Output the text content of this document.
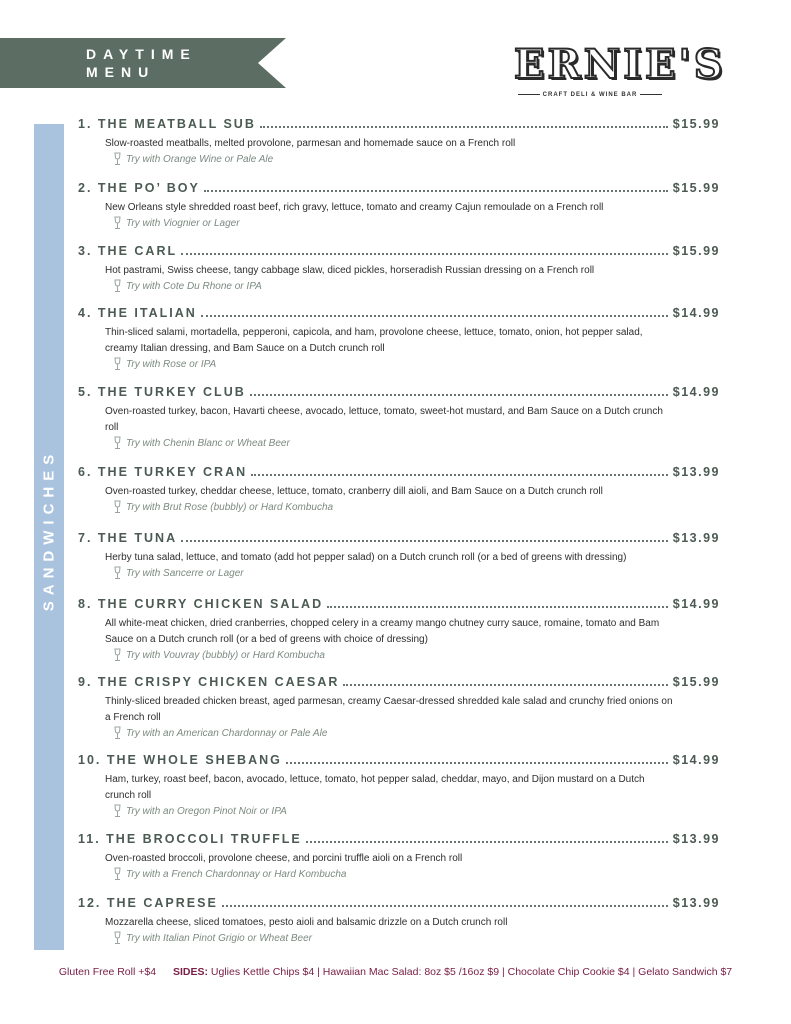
DAYTIME
MENU	ERNIE'S
CRAFT DELI & WINE BAR
SANDWICHES
1. THE MEATBALL SUB	$15.99
Slow-roasted meatballs, melted provolone, parmesan and homemade sauce on a French roll
Try with Orange Wine or Pale Ale
2. THE PO’ BOY	$15.99
New Orleans style shredded roast beef, rich gravy, lettuce, tomato and creamy Cajun remoulade on a French roll
Try with Viognier or Lager
3. THE CARL	$15.99
Hot pastrami, Swiss cheese, tangy cabbage slaw, diced pickles, horseradish Russian dressing on a French roll
Try with Cote Du Rhone or IPA
4. THE ITALIAN	$14.99
Thin-sliced salami, mortadella, pepperoni, capicola, and ham, provolone cheese, lettuce, tomato, onion, hot pepper salad, creamy Italian dressing, and Bam Sauce on a Dutch crunch roll
Try with Rose or IPA
5. THE TURKEY CLUB	$14.99
Oven-roasted turkey, bacon, Havarti cheese, avocado, lettuce, tomato, sweet-hot mustard, and Bam Sauce on a Dutch crunch roll
Try with Chenin Blanc or Wheat Beer
6. THE TURKEY CRAN	$13.99
Oven-roasted turkey, cheddar cheese, lettuce, tomato, cranberry dill aioli, and Bam Sauce on a Dutch crunch roll
Try with Brut Rose (bubbly) or Hard Kombucha
7. THE TUNA	$13.99
Herby tuna salad, lettuce, and tomato (add hot pepper salad) on a Dutch crunch roll (or a bed of greens with dressing)
Try with Sancerre or Lager
8. THE CURRY CHICKEN SALAD	$14.99
All white-meat chicken, dried cranberries, chopped celery in a creamy mango chutney curry sauce, romaine, tomato and Bam Sauce on a Dutch crunch roll (or a bed of greens with choice of dressing)
Try with Vouvray (bubbly) or Hard Kombucha
9. THE CRISPY CHICKEN CAESAR	$15.99
Thinly-sliced breaded chicken breast, aged parmesan, creamy Caesar-dressed shredded kale salad and crunchy fried onions on a French roll
Try with an American Chardonnay or Pale Ale
10. THE WHOLE SHEBANG	$14.99
Ham, turkey, roast beef, bacon, avocado, lettuce, tomato, hot pepper salad, cheddar, mayo, and Dijon mustard on a Dutch crunch roll
Try with an Oregon Pinot Noir or IPA
11. THE BROCCOLI TRUFFLE	$13.99
Oven-roasted broccoli, provolone cheese, and porcini truffle aioli on a French roll
Try with a French Chardonnay or Hard Kombucha
12. THE CAPRESE	$13.99
Mozzarella cheese, sliced tomatoes, pesto aioli and balsamic drizzle on a Dutch crunch roll
Try with Italian Pinot Grigio or Wheat Beer
Gluten Free Roll +$4 SIDES: Uglies Kettle Chips $4 | Hawaiian Mac Salad: 8oz $5 /16oz $9 | Chocolate Chip Cookie $4 | Gelato Sandwich $7
